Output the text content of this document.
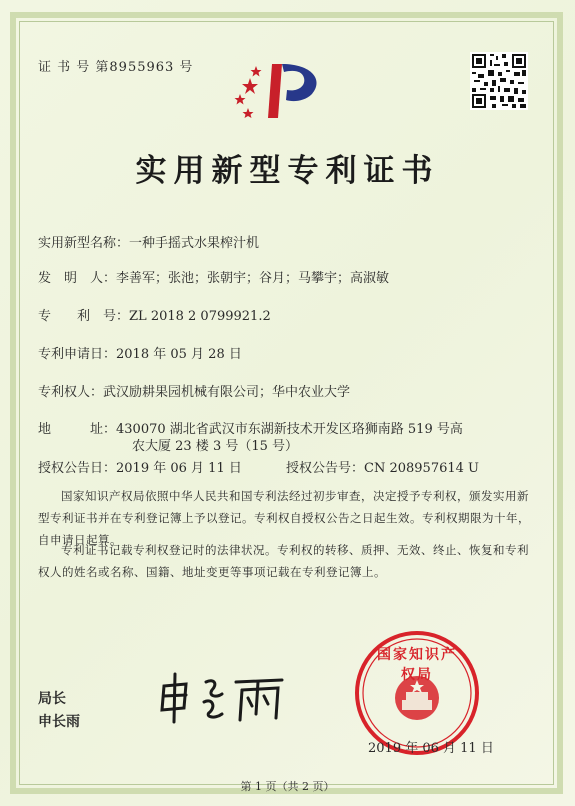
证 书 号 第8955963 号
实用新型专利证书
实用新型名称：一种手摇式水果榨汁机
发　明　人：李善军；张池；张朝宇；谷月；马攀宇；高淑敏
专　　利　号：ZL 2018 2 0799921.2
专利申请日：2018 年 05 月 28 日
专利权人：武汉励耕果园机械有限公司；华中农业大学
地　　　址：430070 湖北省武汉市东湖新技术开发区珞狮南路 519 号高
农大厦 23 楼 3 号（15 号）
授权公告日：2019 年 06 月 11 日	授权公告号：CN 208957614 U
国家知识产权局依照中华人民共和国专利法经过初步审查，决定授予专利权，颁发实用新型专利证书并在专利登记簿上予以登记。专利权自授权公告之日起生效。专利权期限为十年，自申请日起算。
专利证书记载专利权登记时的法律状况。专利权的转移、质押、无效、终止、恢复和专利权人的姓名或名称、国籍、地址变更等事项记载在专利登记簿上。
局长
申长雨
国家知识产权局
2019 年 06 月 11 日
第 1 页（共 2 页）
